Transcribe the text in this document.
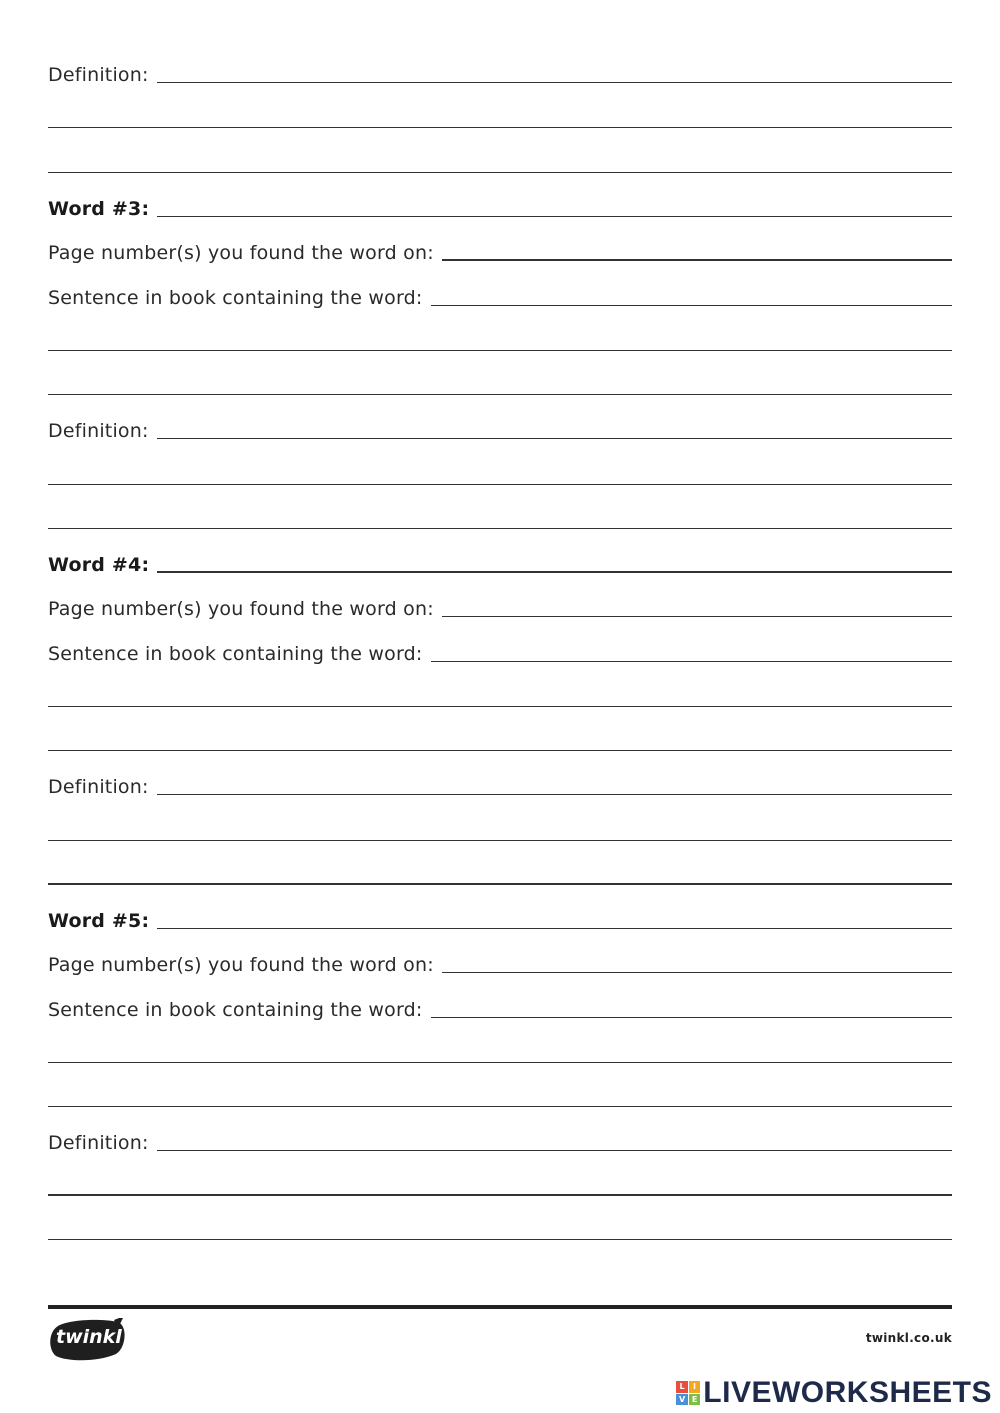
Definition:
Word #3:
Page number(s) you found the word on:
Sentence in book containing the word:
Definition:
Word #4:
Page number(s) you found the word on:
Sentence in book containing the word:
Definition:
Word #5:
Page number(s) you found the word on:
Sentence in book containing the word:
Definition:
twinkl	twinkl.co.uk
L	I
V E LIVEWORKSHEETS
